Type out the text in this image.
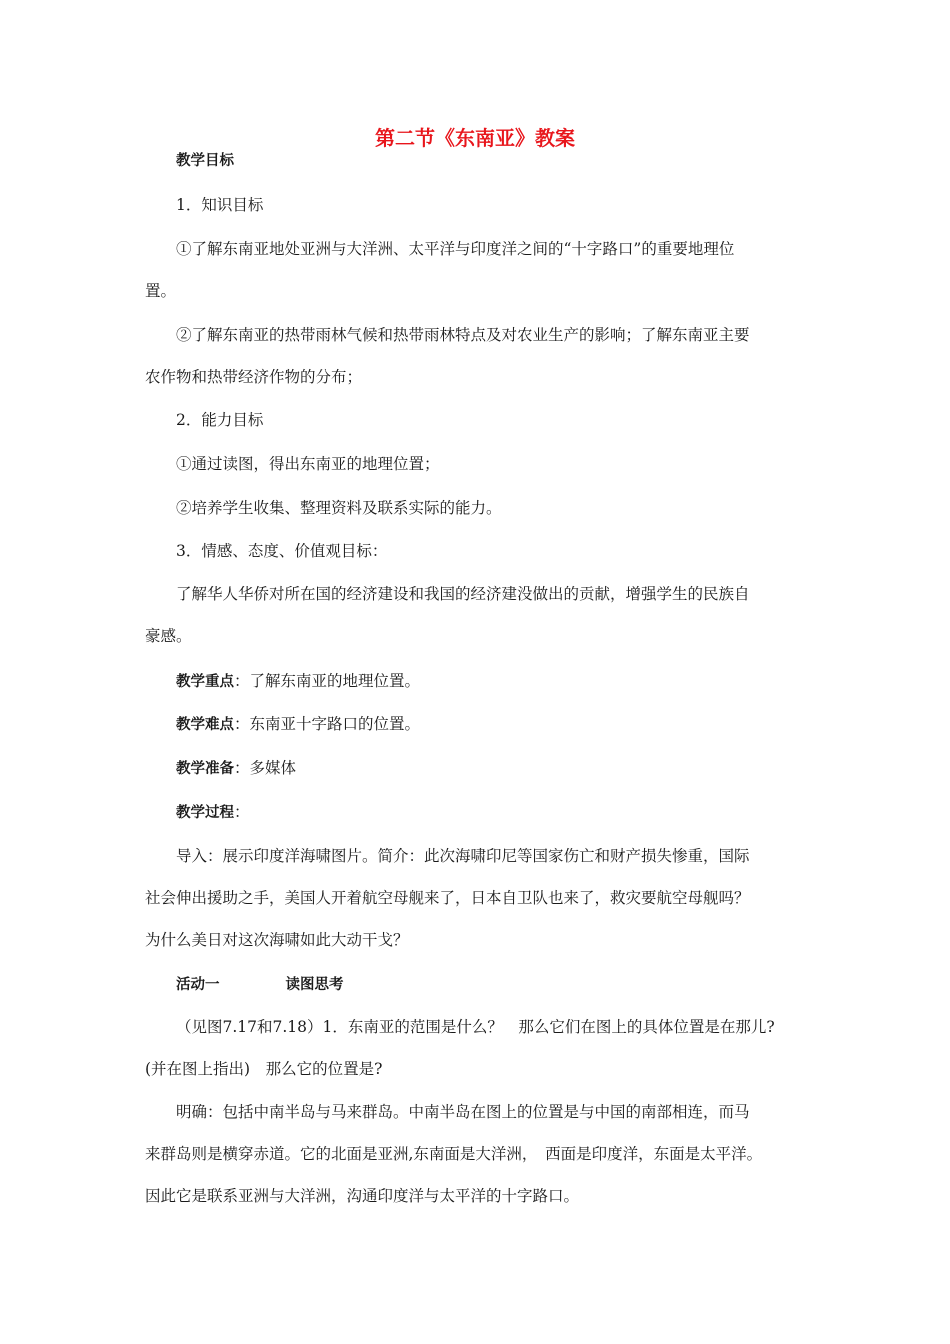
第二节《东南亚》教案
教学目标
1．知识目标
①了解东南亚地处亚洲与大洋洲、太平洋与印度洋之间的“十字路口”的重要地理位
置。
②了解东南亚的热带雨林气候和热带雨林特点及对农业生产的影响；了解东南亚主要
农作物和热带经济作物的分布；
2．能力目标
①通过读图，得出东南亚的地理位置；
②培养学生收集、整理资料及联系实际的能力。
3．情感、态度、价值观目标：
了解华人华侨对所在国的经济建设和我国的经济建没做出的贡献，增强学生的民族自
豪感。
教学重点：了解东南亚的地理位置。
教学难点：东南亚十字路口的位置。
教学准备：多媒体
教学过程：
导入：展示印度洋海啸图片。简介：此次海啸印尼等国家伤亡和财产损失惨重，国际
社会伸出援助之手，美国人开着航空母舰来了，日本自卫队也来了，救灾要航空母舰吗？
为什么美日对这次海啸如此大动干戈？
活动一	读图思考
（见图7.17和7.18）1．东南亚的范围是什么？　那么它们在图上的具体位置是在那儿?
(并在图上指出)　那么它的位置是?
明确：包括中南半岛与马来群岛。中南半岛在图上的位置是与中国的南部相连，而马
来群岛则是横穿赤道。它的北面是亚洲,东南面是大洋洲，　西面是印度洋，东面是太平洋。
因此它是联系亚洲与大洋洲，沟通印度洋与太平洋的十字路口。
